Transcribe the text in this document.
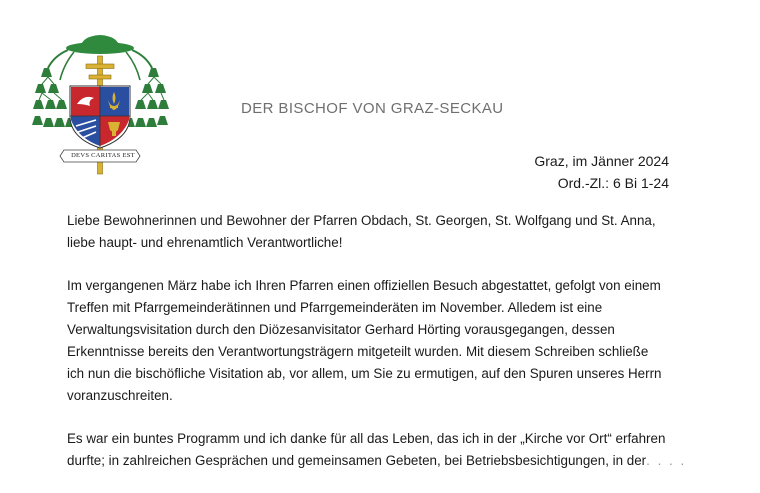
DEVS CARITAS EST
DER BISCHOF VON GRAZ-SECKAU
Graz, im Jänner 2024
Ord.-Zl.: 6 Bi 1-24

Liebe Bewohnerinnen und Bewohner der Pfarren Obdach, St. Georgen, St. Wolfgang und St. Anna,
liebe haupt- und ehrenamtlich Verantwortliche!

Im vergangenen März habe ich Ihren Pfarren einen offiziellen Besuch abgestattet, gefolgt von einem
Treffen mit Pfarrgemeinderätinnen und Pfarrgemeinderäten im November. Alledem ist eine
Verwaltungsvisitation durch den Diözesanvisitator Gerhard Hörting vorausgegangen, dessen
Erkenntnisse bereits den Verantwortungsträgern mitgeteilt wurden. Mit diesem Schreiben schließe
ich nun die bischöfliche Visitation ab, vor allem, um Sie zu ermutigen, auf den Spuren unseres Herrn
voranzuschreiten.

Es war ein buntes Programm und ich danke für all das Leben, das ich in der „Kirche vor Ort“ erfahren
durfte; in zahlreichen Gesprächen und gemeinsamen Gebeten, bei Betriebsbesichtigungen, in der. . . .
